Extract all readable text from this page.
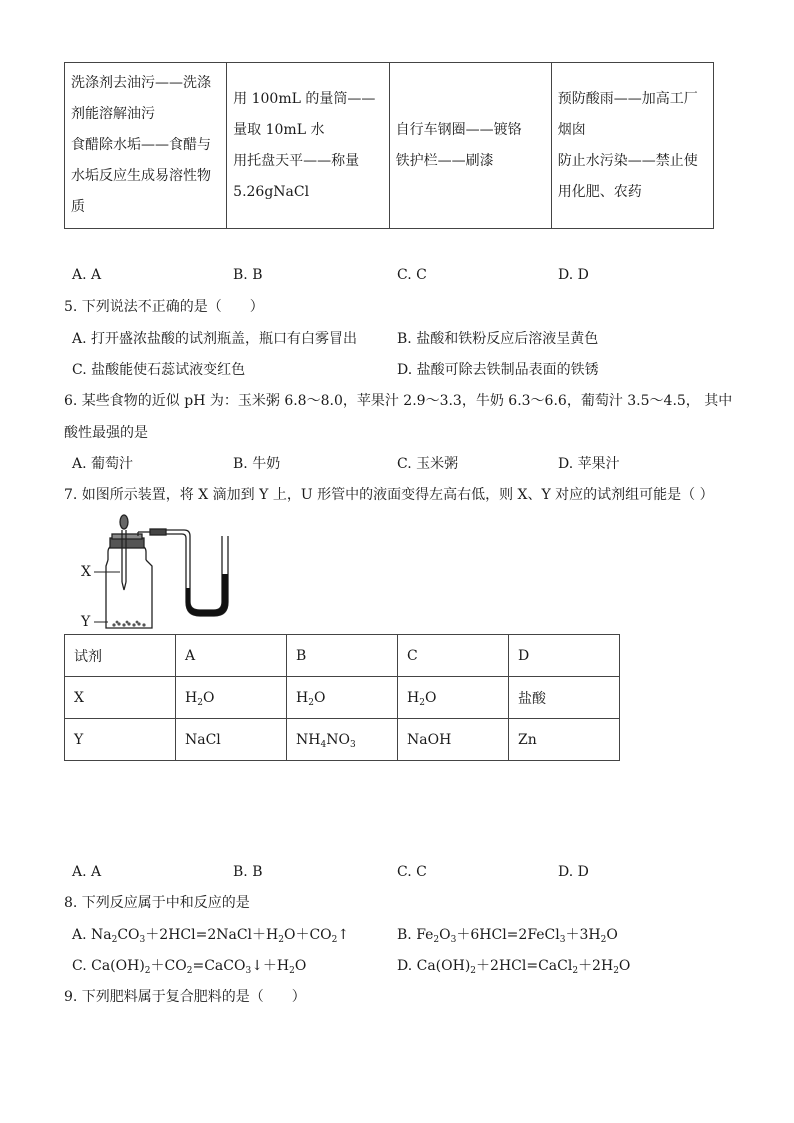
洗涤剂去油污——洗涤剂能溶解油污
食醋除水垢——食醋与水垢反应生成易溶性物质

用 100mL 的量筒——量取 10mL 水
用托盘天平——称量 5.26gNaCl

自行车钢圈——镀铬
铁护栏——刷漆

预防酸雨——加高工厂烟囱
防止水污染——禁止使用化肥、农药
A. A	B. B	C. C	D. D
5. 下列说法不正确的是（　　）
A. 打开盛浓盐酸的试剂瓶盖，瓶口有白雾冒出	B. 盐酸和铁粉反应后溶液呈黄色
C. 盐酸能使石蕊试液变红色	D. 盐酸可除去铁制品表面的铁锈
6. 某些食物的近似 pH 为：玉米粥 6.8～8.0，苹果汁 2.9～3.3，牛奶 6.3～6.6，葡萄汁 3.5～4.5， 其中
酸性最强的是
A. 葡萄汁	B. 牛奶	C. 玉米粥	D. 苹果汁
7. 如图所示装置，将 X 滴加到 Y 上，U 形管中的液面变得左高右低，则 X、Y 对应的试剂组可能是（ ）
X
Y
试剂	A	B	C	D
X	$H_2O$	$H_2O$	$H_2O$	盐酸
Y	NaCl	$NH_4NO_3$	NaOH	Zn
A. A	B. B	C. C	D. D
8. 下列反应属于中和反应的是
A. $Na_2CO_3+2HCl=2NaCl+H_2O+CO_2↑$	B. $Fe_2O_3+6HCl=2FeCl_3+3H_2O$
C. $Ca(OH)_2+CO_2=CaCO_3↓+H_2O$	D. $Ca(OH)_2+2HCl=CaCl_2+2H_2O$
9. 下列肥料属于复合肥料的是（　　）
